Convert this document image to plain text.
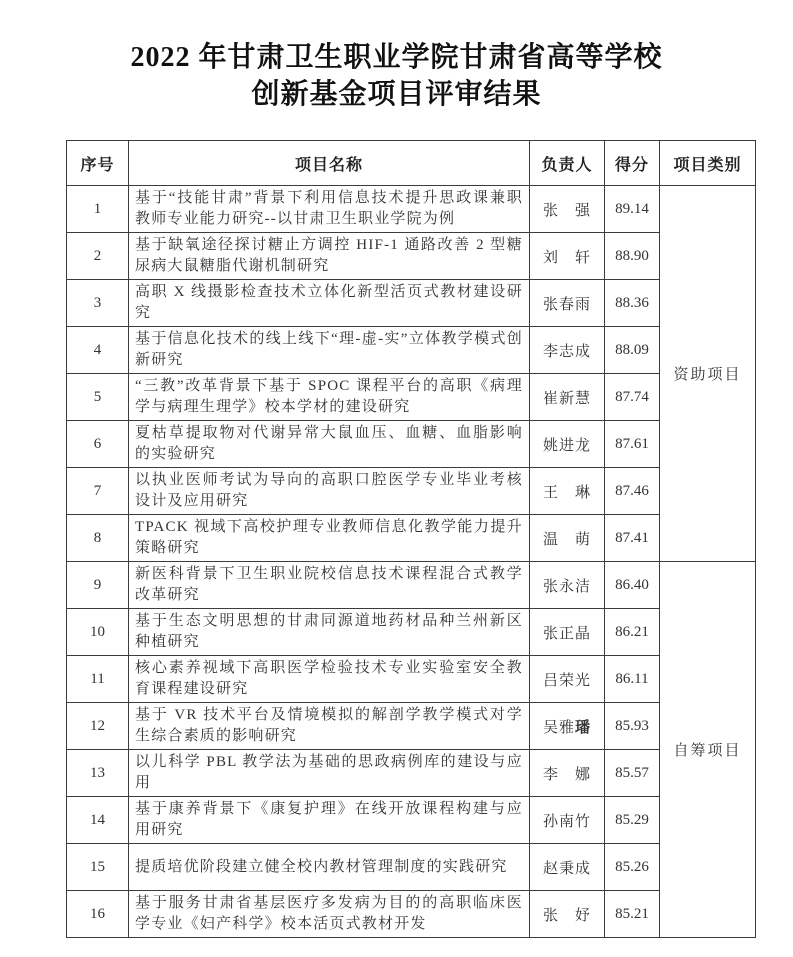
2022 年甘肃卫生职业学院甘肃省高等学校
创新基金项目评审结果
序号	项目名称	负责人	得分	项目类别
1	基于“技能甘肃”背景下利用信息技术提升思政课兼职教师专业能力研究--以甘肃卫生职业学院为例	张　强	89.14	资助项目
2	基于缺氧途径探讨糖止方调控 HIF-1 通路改善 2 型糖尿病大鼠糖脂代谢机制研究	刘　轩	88.90	
3	高职 X 线摄影检查技术立体化新型活页式教材建设研究	张春雨	88.36	
4	基于信息化技术的线上线下“理-虚-实”立体教学模式创新研究	李志成	88.09	
5	“三教”改革背景下基于 SPOC 课程平台的高职《病理学与病理生理学》校本学材的建设研究	崔新慧	87.74	
6	夏枯草提取物对代谢异常大鼠血压、血糖、血脂影响的实验研究	姚进龙	87.61	
7	以执业医师考试为导向的高职口腔医学专业毕业考核设计及应用研究	王　琳	87.46	
8	TPACK 视域下高校护理专业教师信息化教学能力提升策略研究	温　萌	87.41	
9	新医科背景下卫生职业院校信息技术课程混合式教学改革研究	张永洁	86.40	自筹项目
10	基于生态文明思想的甘肃同源道地药材品种兰州新区种植研究	张正晶	86.21	
11	核心素养视域下高职医学检验技术专业实验室安全教育课程建设研究	吕荣光	86.11	
12	基于 VR 技术平台及情境模拟的解剖学教学模式对学生综合素质的影响研究	吴雅璠	85.93	
13	以儿科学 PBL 教学法为基础的思政病例库的建设与应用	李　娜	85.57	
14	基于康养背景下《康复护理》在线开放课程构建与应用研究	孙南竹	85.29	
15	提质培优阶段建立健全校内教材管理制度的实践研究	赵秉成	85.26	
16	基于服务甘肃省基层医疗多发病为目的的高职临床医学专业《妇产科学》校本活页式教材开发	张　妤	85.21	
